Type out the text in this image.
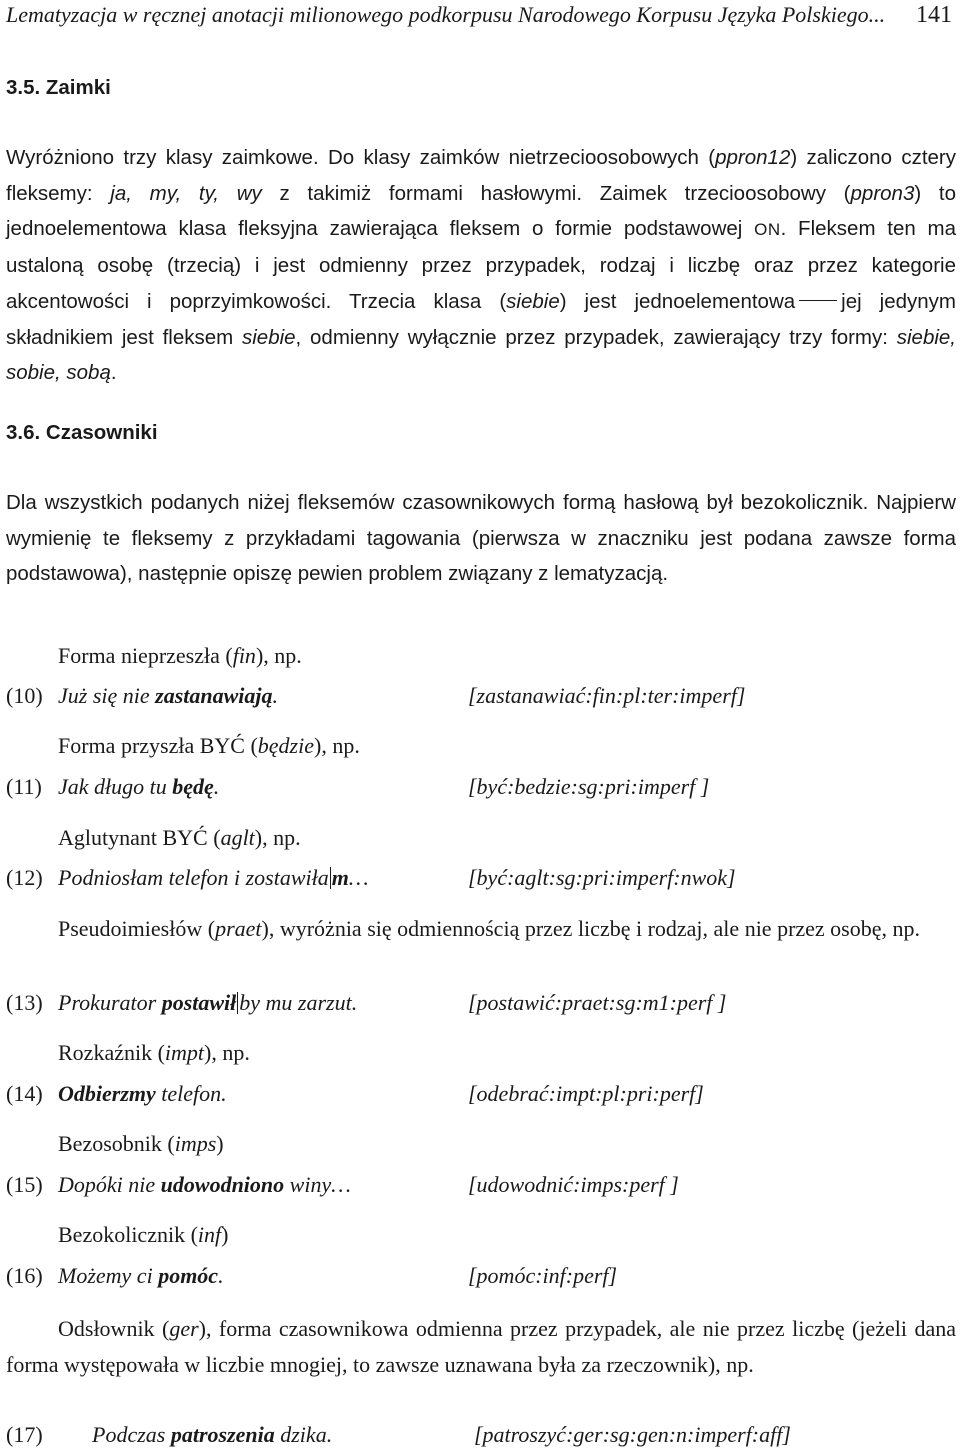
Lematyzacja w ręcznej anotacji milionowego podkorpusu Narodowego Korpusu Języka Polskiego... 141
3.5. Zaimki

Wyróżniono trzy klasy zaimkowe. Do klasy zaimków nietrzecioosobowych (ppron12) zaliczono cztery fleksemy: ja, my, ty, wy z takimiż formami hasłowymi. Zaimek trzecioosobowy (ppron3) to jednoelementowa klasa fleksyjna zawierająca fleksem o formie podstawowej ON. Fleksem ten ma ustaloną osobę (trzecią) i jest odmienny przez przypadek, rodzaj i liczbę oraz przez kategorie akcentowości i poprzyimkowości. Trzecia klasa (siebie) jest jednoelementowa jej jedynym składnikiem jest fleksem siebie, odmienny wyłącznie przez przypadek, zawierający trzy formy: siebie, sobie, sobą.

3.6. Czasowniki

Dla wszystkich podanych niżej fleksemów czasownikowych formą hasłową był bezokolicznik. Najpierw wymienię te fleksemy z przykładami tagowania (pierwsza w znaczniku jest podana zawsze forma podstawowa), następnie opiszę pewien problem związany z lematyzacją.

Forma nieprzeszła (fin), np.
(10) Już się nie zastanawiają.	[zastanawiać:fin:pl:ter:imperf]
Forma przyszła BYĆ (będzie), np.
(11) Jak długo tu będę.	[być:bedzie:sg:pri:imperf ]
Aglutynant BYĆ (aglt), np.
(12) Podniosłam telefon i zostawiła m…	[być:aglt:sg:pri:imperf:nwok]

Pseudoimiesłów (praet), wyróżnia się odmiennością przez liczbę i rodzaj, ale nie przez osobę, np.

(13) Prokurator postawił by mu zarzut.	[postawić:praet:sg:m1:perf ]
Rozkaźnik (impt), np.
(14) Odbierzmy telefon.	[odebrać:impt:pl:pri:perf]
Bezosobnik (imps)
(15) Dopóki nie udowodniono winy…	[udowodnić:imps:perf ]
Bezokolicznik (inf)
(16) Możemy ci pomóc.	[pomóc:inf:perf]

Odsłownik (ger), forma czasownikowa odmienna przez przypadek, ale nie przez liczbę (jeżeli dana forma występowała w liczbie mnogiej, to zawsze uznawana była za rzeczownik), np.

(17) Podczas patroszenia dzika.	[patroszyć:ger:sg:gen:n:imperf:aff]
